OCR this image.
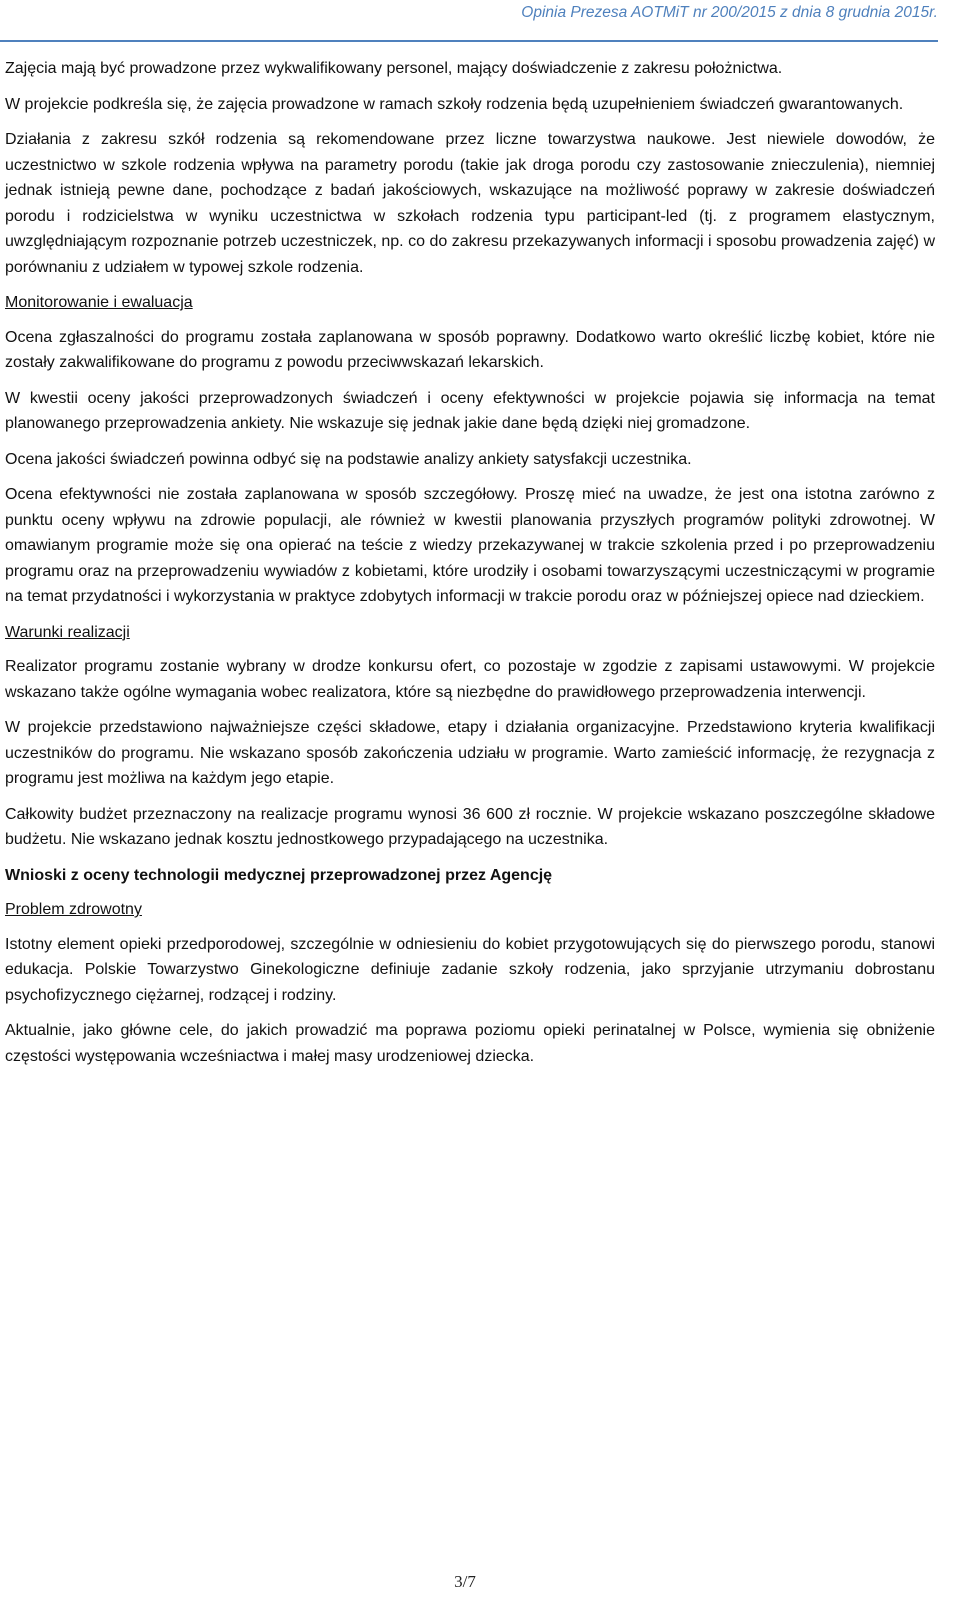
Opinia Prezesa AOTMiT nr 200/2015 z dnia 8 grudnia 2015r.

Zajęcia mają być prowadzone przez wykwalifikowany personel, mający doświadczenie z zakresu położnictwa.

W projekcie podkreśla się, że zajęcia prowadzone w ramach szkoły rodzenia będą uzupełnieniem świadczeń gwarantowanych.

Działania z zakresu szkół rodzenia są rekomendowane przez liczne towarzystwa naukowe. Jest niewiele dowodów, że uczestnictwo w szkole rodzenia wpływa na parametry porodu (takie jak droga porodu czy zastosowanie znieczulenia), niemniej jednak istnieją pewne dane, pochodzące z badań jakościowych, wskazujące na możliwość poprawy w zakresie doświadczeń porodu i rodzicielstwa w wyniku uczestnictwa w szkołach rodzenia typu participant-led (tj. z programem elastycznym, uwzględniającym rozpoznanie potrzeb uczestniczek, np. co do zakresu przekazywanych informacji i sposobu prowadzenia zajęć) w porównaniu z udziałem w typowej szkole rodzenia.

Monitorowanie i ewaluacja

Ocena zgłaszalności do programu została zaplanowana w sposób poprawny. Dodatkowo warto określić liczbę kobiet, które nie zostały zakwalifikowane do programu z powodu przeciwwskazań lekarskich.

W kwestii oceny jakości przeprowadzonych świadczeń i oceny efektywności w projekcie pojawia się informacja na temat planowanego przeprowadzenia ankiety. Nie wskazuje się jednak jakie dane będą dzięki niej gromadzone.

Ocena jakości świadczeń powinna odbyć się na podstawie analizy ankiety satysfakcji uczestnika.

Ocena efektywności nie została zaplanowana w sposób szczegółowy. Proszę mieć na uwadze, że jest ona istotna zarówno z punktu oceny wpływu na zdrowie populacji, ale również w kwestii planowania przyszłych programów polityki zdrowotnej. W omawianym programie może się ona opierać na teście z wiedzy przekazywanej w trakcie szkolenia przed i po przeprowadzeniu programu oraz na przeprowadzeniu wywiadów z kobietami, które urodziły i osobami towarzyszącymi uczestniczącymi w programie na temat przydatności i wykorzystania w praktyce zdobytych informacji w trakcie porodu oraz w późniejszej opiece nad dzieckiem.

Warunki realizacji

Realizator programu zostanie wybrany w drodze konkursu ofert, co pozostaje w zgodzie z zapisami ustawowymi. W projekcie wskazano także ogólne wymagania wobec realizatora, które są niezbędne do prawidłowego przeprowadzenia interwencji.

W projekcie przedstawiono najważniejsze części składowe, etapy i działania organizacyjne. Przedstawiono kryteria kwalifikacji uczestników do programu. Nie wskazano sposób zakończenia udziału w programie. Warto zamieścić informację, że rezygnacja z programu jest możliwa na każdym jego etapie.

Całkowity budżet przeznaczony na realizacje programu wynosi 36 600 zł rocznie. W projekcie wskazano poszczególne składowe budżetu. Nie wskazano jednak kosztu jednostkowego przypadającego na uczestnika.

Wnioski z oceny technologii medycznej przeprowadzonej przez Agencję

Problem zdrowotny

Istotny element opieki przedporodowej, szczególnie w odniesieniu do kobiet przygotowujących się do pierwszego porodu, stanowi edukacja. Polskie Towarzystwo Ginekologiczne definiuje zadanie szkoły rodzenia, jako sprzyjanie utrzymaniu dobrostanu psychofizycznego ciężarnej, rodzącej i rodziny.

Aktualnie, jako główne cele, do jakich prowadzić ma poprawa poziomu opieki perinatalnej w Polsce, wymienia się obniżenie częstości występowania wcześniactwa i małej masy urodzeniowej dziecka.

3/7
